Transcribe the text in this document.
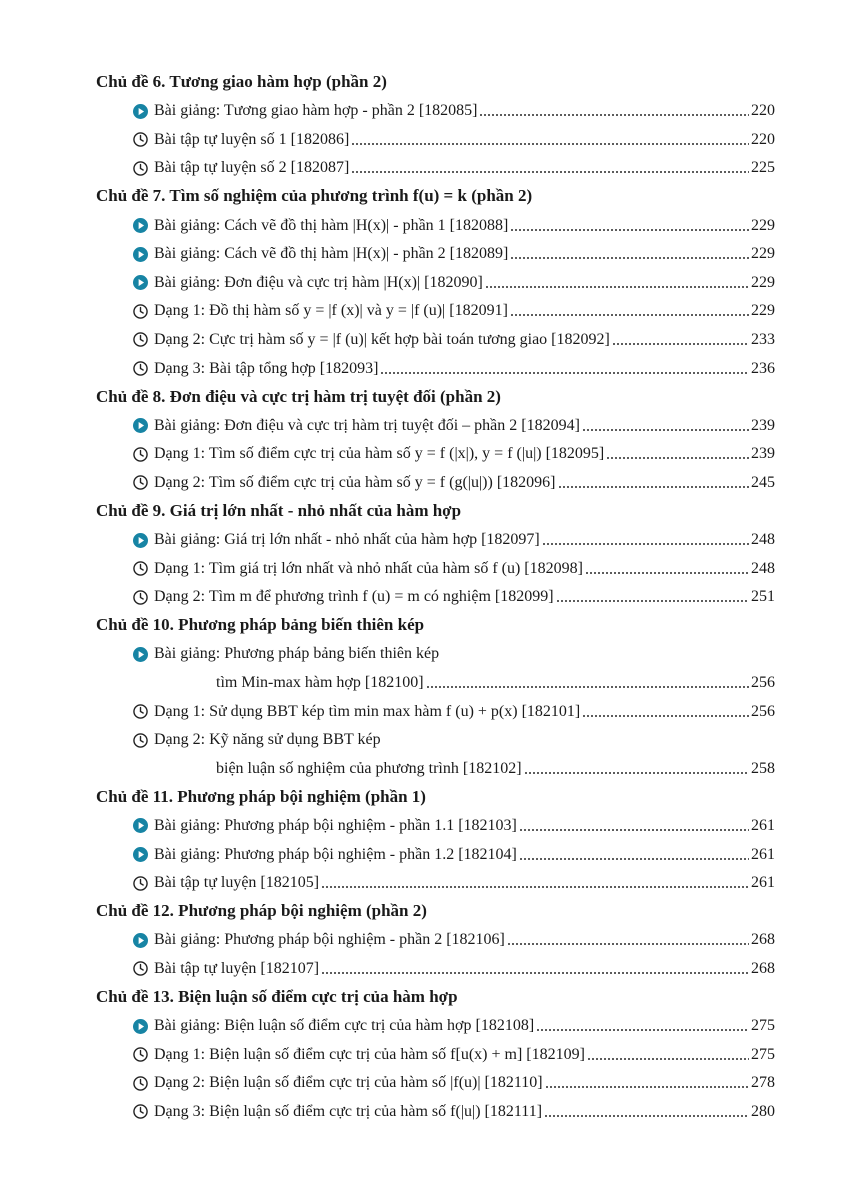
Chủ đề 6. Tương giao hàm hợp (phần 2)
Bài giảng: Tương giao hàm hợp - phần 2 [182085]	220
Bài tập tự luyện số 1 [182086]	220
Bài tập tự luyện số 2 [182087]	225
Chủ đề 7. Tìm số nghiệm của phương trình f(u) = k (phần 2)
Bài giảng: Cách vẽ đồ thị hàm |H(x)| - phần 1 [182088]	229
Bài giảng: Cách vẽ đồ thị hàm |H(x)| - phần 2 [182089]	229
Bài giảng: Đơn điệu và cực trị hàm |H(x)| [182090]	229
Dạng 1: Đồ thị hàm số y = |f (x)| và y = |f (u)| [182091]	229
Dạng 2: Cực trị hàm số y = |f (u)| kết hợp bài toán tương giao [182092]	233
Dạng 3: Bài tập tổng hợp [182093]	236
Chủ đề 8. Đơn điệu và cực trị hàm trị tuyệt đối (phần 2)
Bài giảng: Đơn điệu và cực trị hàm trị tuyệt đối – phần 2 [182094]	239
Dạng 1: Tìm số điểm cực trị của hàm số y = f (|x|), y = f (|u|) [182095]	239
Dạng 2: Tìm số điểm cực trị của hàm số y = f (g(|u|)) [182096]	245
Chủ đề 9. Giá trị lớn nhất - nhỏ nhất của hàm hợp
Bài giảng: Giá trị lớn nhất - nhỏ nhất của hàm hợp [182097]	248
Dạng 1: Tìm giá trị lớn nhất và nhỏ nhất của hàm số f (u) [182098]	248
Dạng 2: Tìm m để phương trình f (u) = m có nghiệm [182099]	251
Chủ đề 10. Phương pháp bảng biến thiên kép
Bài giảng: Phương pháp bảng biến thiên kép
tìm Min-max hàm hợp [182100]	256
Dạng 1: Sử dụng BBT kép tìm min max hàm f (u) + p(x) [182101]	256
Dạng 2: Kỹ năng sử dụng BBT kép
biện luận số nghiệm của phương trình [182102]	258
Chủ đề 11. Phương pháp bội nghiệm (phần 1)
Bài giảng: Phương pháp bội nghiệm - phần 1.1 [182103]	261
Bài giảng: Phương pháp bội nghiệm - phần 1.2 [182104]	261
Bài tập tự luyện [182105]	261
Chủ đề 12. Phương pháp bội nghiệm (phần 2)
Bài giảng: Phương pháp bội nghiệm - phần 2 [182106]	268
Bài tập tự luyện [182107]	268
Chủ đề 13. Biện luận số điểm cực trị của hàm hợp
Bài giảng: Biện luận số điểm cực trị của hàm hợp [182108]	275
Dạng 1: Biện luận số điểm cực trị của hàm số f[u(x) + m] [182109]	275
Dạng 2: Biện luận số điểm cực trị của hàm số |f(u)| [182110]	278
Dạng 3: Biện luận số điểm cực trị của hàm số f(|u|) [182111]	280
